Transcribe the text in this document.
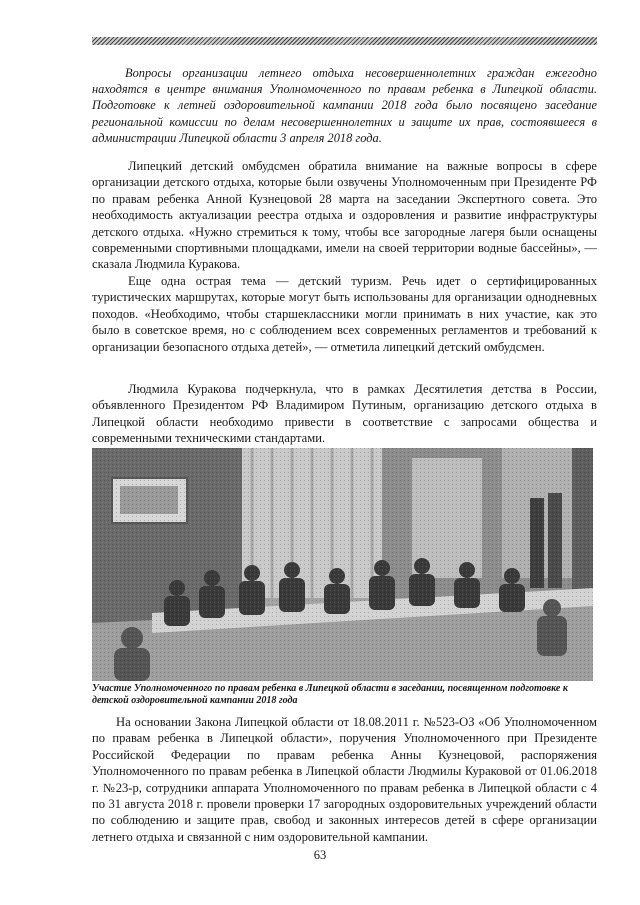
Вопросы организации летнего отдыха несовершеннолетних граждан ежегодно находятся в центре внимания Уполномоченного по правам ребенка в Липецкой области. Подготовке к летней оздоровительной кампании 2018 года было посвящено заседание региональной комиссии по делам несовершеннолетних и защите их прав, состоявшееся в администрации Липецкой области 3 апреля 2018 года.

Липецкий детский омбудсмен обратила внимание на важные вопросы в сфере организации детского отдыха, которые были озвучены Уполномоченным при Президенте РФ по правам ребенка Анной Кузнецовой 28 марта на заседании Экспертного совета. Это необходимость актуализации реестра отдыха и оздоровления и развитие инфраструктуры детского отдыха. «Нужно стремиться к тому, чтобы все загородные лагеря были оснащены современными спортивными площадками, имели на своей территории водные бассейны», — сказала Людмила Куракова.

Еще одна острая тема — детский туризм. Речь идет о сертифицированных туристических маршрутах, которые могут быть использованы для организации однодневных походов. «Необходимо, чтобы старшеклассники могли принимать в них участие, как это было в советское время, но с соблюдением всех современных регламентов и требований к организации безопасного отдыха детей», — отметила липецкий детский омбудсмен.

Людмила Куракова подчеркнула, что в рамках Десятилетия детства в России, объявленного Президентом РФ Владимиром Путиным, организацию детского отдыха в Липецкой области необходимо привести в соответствие с запросами общества и современными техническими стандартами.

Участие Уполномоченного по правам ребенка в Липецкой области в заседании, посвященном подготовке к детской оздоровительной кампании 2018 года

На основании Закона Липецкой области от 18.08.2011 г. №523-ОЗ «Об Уполномоченном по правам ребенка в Липецкой области», поручения Уполномоченного при Президенте Российской Федерации по правам ребенка Анны Кузнецовой, распоряжения Уполномоченного по правам ребенка в Липецкой области Людмилы Кураковой от 01.06.2018 г. №23-р, сотрудники аппарата Уполномоченного по правам ребенка в Липецкой области с 4 по 31 августа 2018 г. провели проверки 17 загородных оздоровительных учреждений области по соблюдению и защите прав, свобод и законных интересов детей в сфере организации летнего отдыха и связанной с ним оздоровительной кампании.

63
